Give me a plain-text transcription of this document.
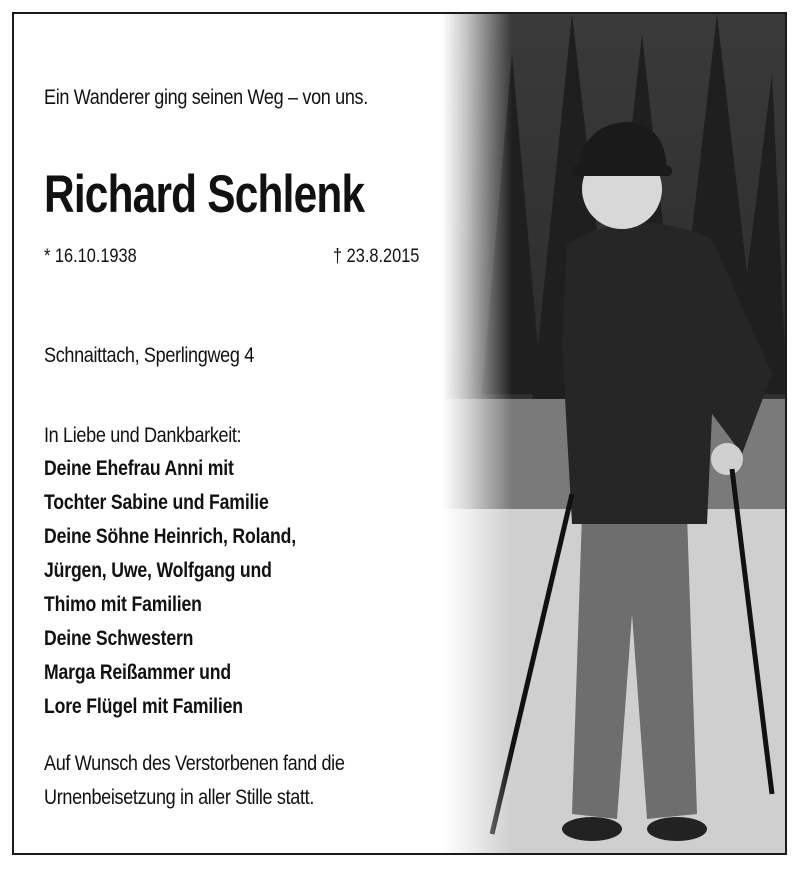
Ein Wanderer ging seinen Weg – von uns.
Richard Schlenk
* 16.10.1938	† 23.8.2015
Schnaittach, Sperlingweg 4
In Liebe und Dankbarkeit:
Deine Ehefrau Anni mit
Tochter Sabine und Familie
Deine Söhne Heinrich, Roland,
Jürgen, Uwe, Wolfgang und
Thimo mit Familien
Deine Schwestern
Marga Reißammer und
Lore Flügel mit Familien
Auf Wunsch des Verstorbenen fand die
Urnenbeisetzung in aller Stille statt.
